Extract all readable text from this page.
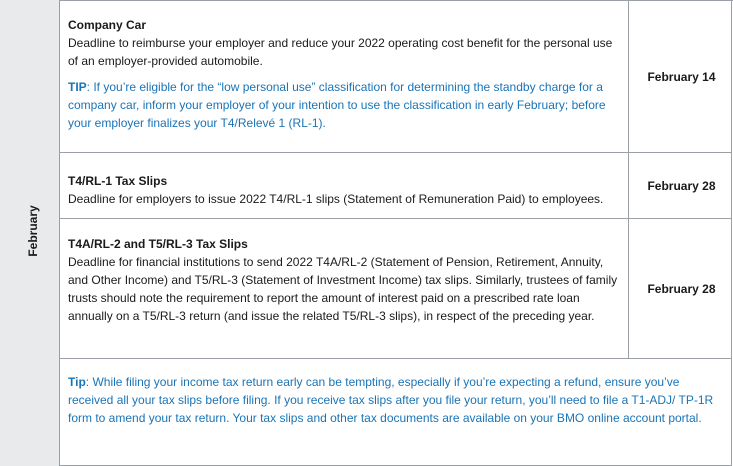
February
Company Car
Deadline to reimburse your employer and reduce your 2022 operating cost benefit for the personal use of an employer-provided automobile.
TIP: If you’re eligible for the “low personal use” classification for determining the standby charge for a company car, inform your employer of your intention to use the classification in early February; before your employer finalizes your T4/Relevé 1 (RL-1).
February 14
T4/RL-1 Tax Slips
Deadline for employers to issue 2022 T4/RL-1 slips (Statement of Remuneration Paid) to employees.
February 28
T4A/RL-2 and T5/RL-3 Tax Slips
Deadline for financial institutions to send 2022 T4A/RL-2 (Statement of Pension, Retirement, Annuity, and Other Income) and T5/RL-3 (Statement of Investment Income) tax slips. Similarly, trustees of family trusts should note the requirement to report the amount of interest paid on a prescribed rate loan annually on a T5/RL-3 return (and issue the related T5/RL-3 slips), in respect of the preceding year.
February 28
Tip: While filing your income tax return early can be tempting, especially if you’re expecting a refund, ensure you’ve received all your tax slips before filing. If you receive tax slips after you file your return, you’ll need to file a T1-ADJ/ TP-1R form to amend your tax return. Your tax slips and other tax documents are available on your BMO online account portal.
